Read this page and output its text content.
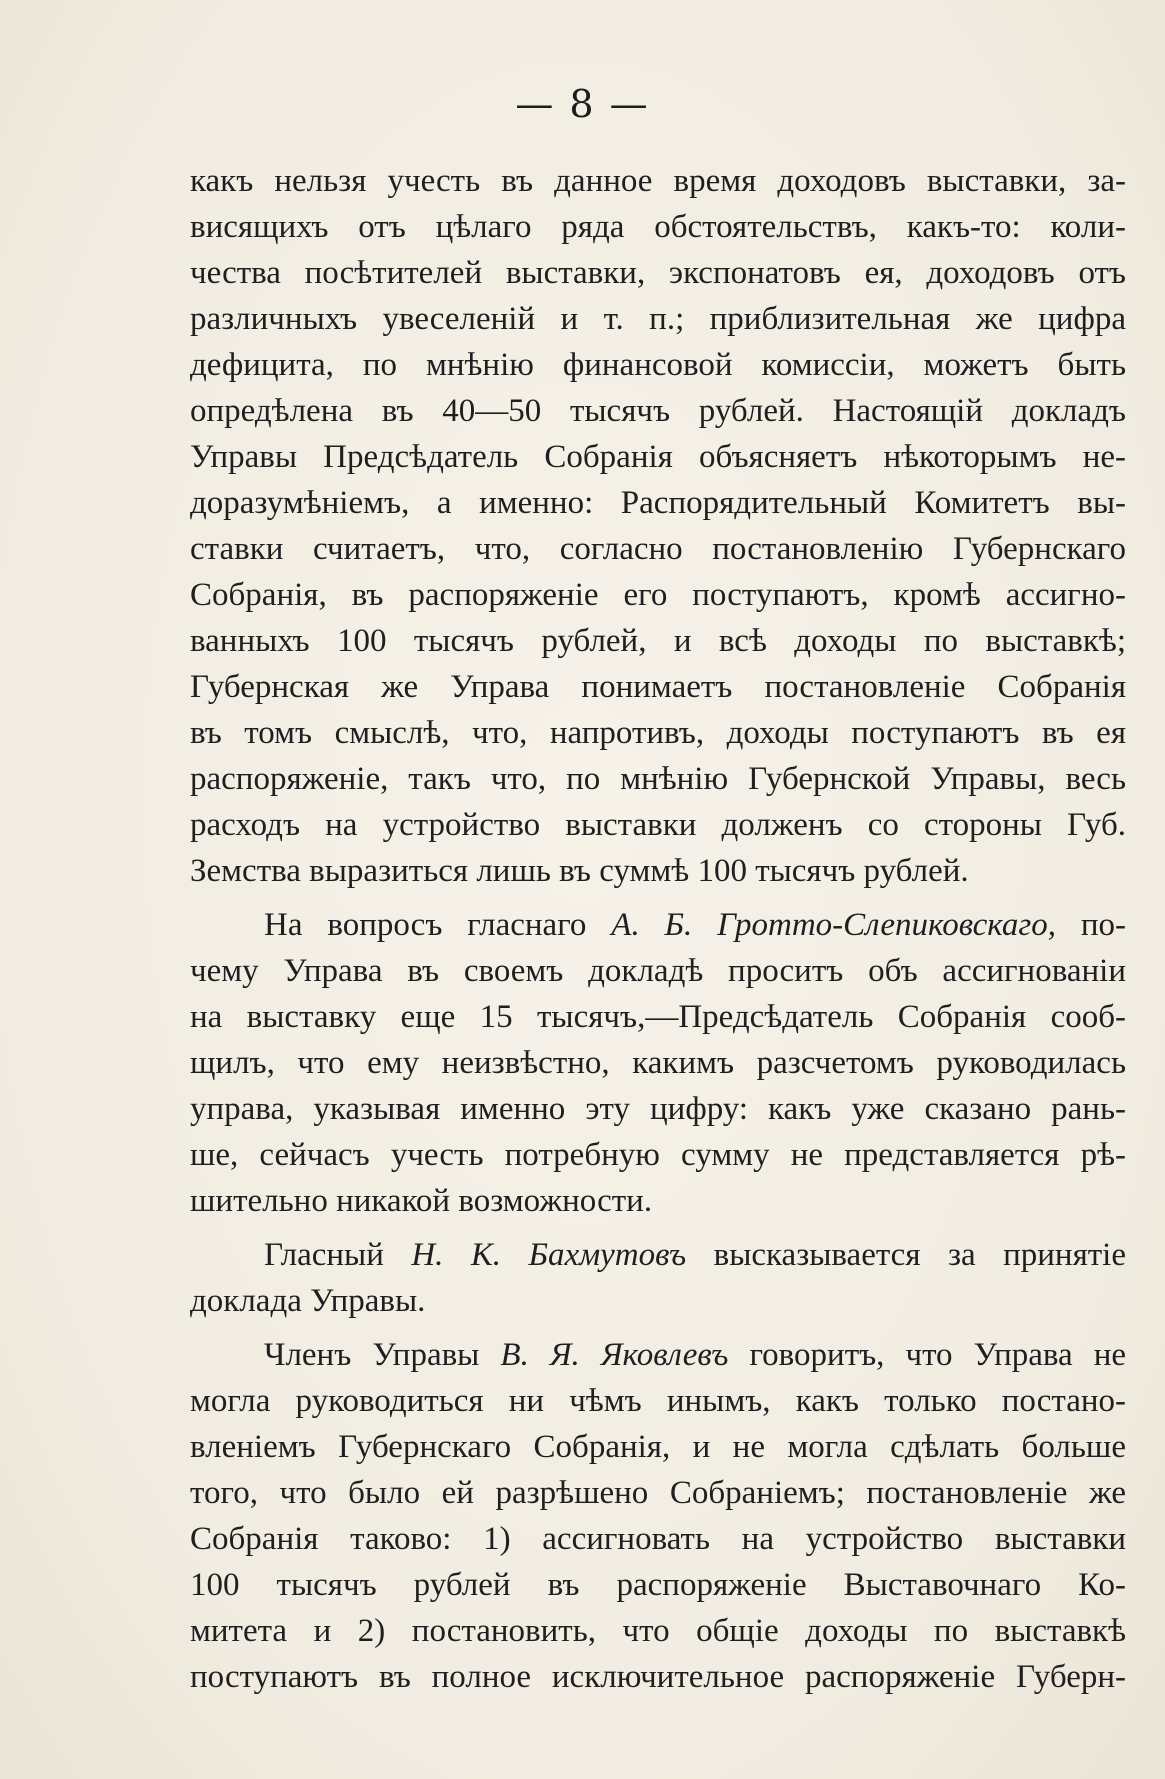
— 8 —
какъ нельзя учесть въ данное время доходовъ выставки, за-
висящихъ отъ цѣлаго ряда обстоятельствъ, какъ-то: коли-
чества посѣтителей выставки, экспонатовъ ея, доходовъ отъ
различныхъ увеселеній и т. п.; приблизительная же цифра
дефицита, по мнѣнію финансовой комиссіи, можетъ быть
опредѣлена въ 40—50 тысячъ рублей. Настоящій докладъ
Управы Предсѣдатель Собранія объясняетъ нѣкоторымъ не-
доразумѣніемъ, а именно: Распорядительный Комитетъ вы-
ставки считаетъ, что, согласно постановленію Губернскаго
Собранія, въ распоряженіе его поступаютъ, кромѣ ассигно-
ванныхъ 100 тысячъ рублей, и всѣ доходы по выставкѣ;
Губернская же Управа понимаетъ постановленіе Собранія
въ томъ смыслѣ, что, напротивъ, доходы поступаютъ въ ея
распоряженіе, такъ что, по мнѣнію Губернской Управы, весь
расходъ на устройство выставки долженъ со стороны Губ.
Земства выразиться лишь въ суммѣ 100 тысячъ рублей.
На вопросъ гласнаго А. Б. Гротто-Слепиковскаго, по-
чему Управа въ своемъ докладѣ проситъ объ ассигнованіи
на выставку еще 15 тысячъ,—Предсѣдатель Собранія сооб-
щилъ, что ему неизвѣстно, какимъ разсчетомъ руководилась
управа, указывая именно эту цифру: какъ уже сказано рань-
ше, сейчасъ учесть потребную сумму не представляется рѣ-
шительно никакой возможности.
Гласный Н. К. Бахмутовъ высказывается за принятіе
доклада Управы.
Членъ Управы В. Я. Яковлевъ говоритъ, что Управа не
могла руководиться ни чѣмъ инымъ, какъ только постано-
вленіемъ Губернскаго Собранія, и не могла сдѣлать больше
того, что было ей разрѣшено Собраніемъ; постановленіе же
Собранія таково: 1) ассигновать на устройство выставки
100 тысячъ рублей въ распоряженіе Выставочнаго Ко-
митета и 2) постановить, что общіе доходы по выставкѣ
поступаютъ въ полное исключительное распоряженіе Губерн-
